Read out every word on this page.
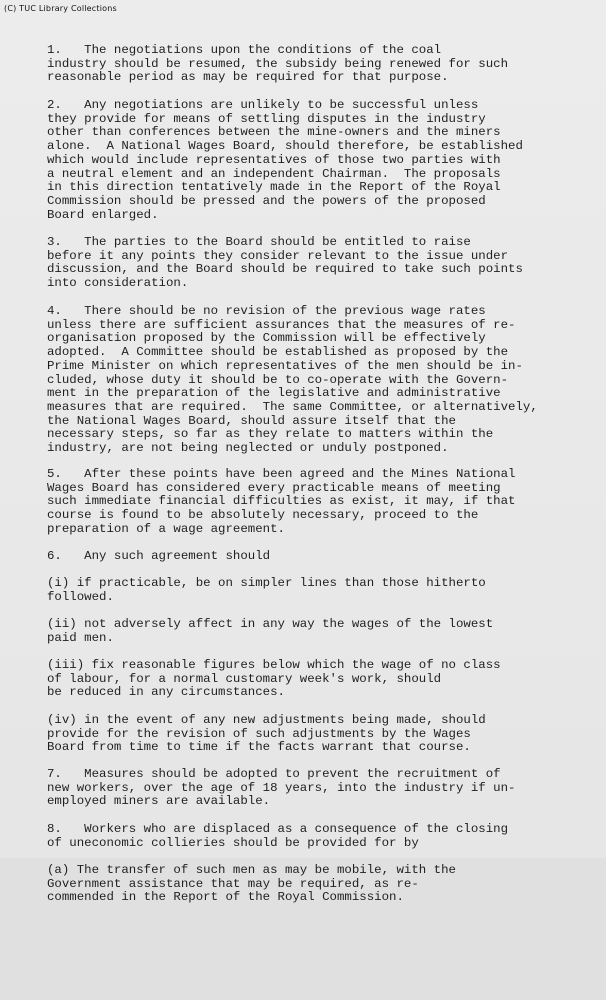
(C) TUC Library Collections
1.   The negotiations upon the conditions of the coal
industry should be resumed, the subsidy being renewed for such
reasonable period as may be required for that purpose.
2.   Any negotiations are unlikely to be successful unless
they provide for means of settling disputes in the industry
other than conferences between the mine-owners and the miners
alone.  A National Wages Board, should therefore, be established
which would include representatives of those two parties with
a neutral element and an independent Chairman.  The proposals
in this direction tentatively made in the Report of the Royal
Commission should be pressed and the powers of the proposed
Board enlarged.
3.   The parties to the Board should be entitled to raise
before it any points they consider relevant to the issue under
discussion, and the Board should be required to take such points
into consideration.
4.   There should be no revision of the previous wage rates
unless there are sufficient assurances that the measures of re-
organisation proposed by the Commission will be effectively
adopted.  A Committee should be established as proposed by the
Prime Minister on which representatives of the men should be in-
cluded, whose duty it should be to co-operate with the Govern-
ment in the preparation of the legislative and administrative
measures that are required.  The same Committee, or alternatively,
the National Wages Board, should assure itself that the
necessary steps, so far as they relate to matters within the
industry, are not being neglected or unduly postponed.
5.   After these points have been agreed and the Mines National
Wages Board has considered every practicable means of meeting
such immediate financial difficulties as exist, it may, if that
course is found to be absolutely necessary, proceed to the
preparation of a wage agreement.
6.   Any such agreement should
(i) if practicable, be on simpler lines than those hitherto
followed.
(ii) not adversely affect in any way the wages of the lowest
paid men.
(iii) fix reasonable figures below which the wage of no class
of labour, for a normal customary week's work, should
be reduced in any circumstances.
(iv) in the event of any new adjustments being made, should
provide for the revision of such adjustments by the Wages
Board from time to time if the facts warrant that course.
7.   Measures should be adopted to prevent the recruitment of
new workers, over the age of 18 years, into the industry if un-
employed miners are available.
8.   Workers who are displaced as a consequence of the closing
of uneconomic collieries should be provided for by
(a) The transfer of such men as may be mobile, with the
Government assistance that may be required, as re-
commended in the Report of the Royal Commission.
